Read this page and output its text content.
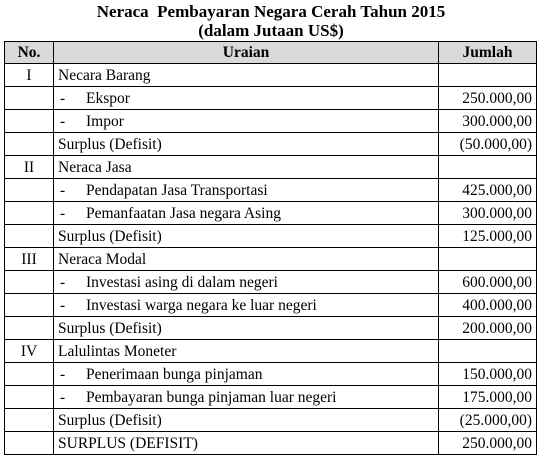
Neraca  Pembayaran Negara Cerah Tahun 2015

(dalam Jutaan US$)

No.	Uraian	Jumlah
I	Necara Barang	
	- Ekspor	250.000,00
	- Impor	300.000,00
	Surplus (Defisit)	(50.000,00)
II	Neraca Jasa	
	- Pendapatan Jasa Transportasi	425.000,00
	- Pemanfaatan Jasa negara Asing	300.000,00
	Surplus (Defisit)	125.000,00
III	Neraca Modal	
	- Investasi asing di dalam negeri	600.000,00
	- Investasi warga negara ke luar negeri	400.000,00
	Surplus (Defisit)	200.000,00
IV	Lalulintas Moneter	
	- Penerimaan bunga pinjaman	150.000,00
	- Pembayaran bunga pinjaman luar negeri	175.000,00
	Surplus (Defisit)	(25.000,00)
	SURPLUS (DEFISIT)	250.000,00
